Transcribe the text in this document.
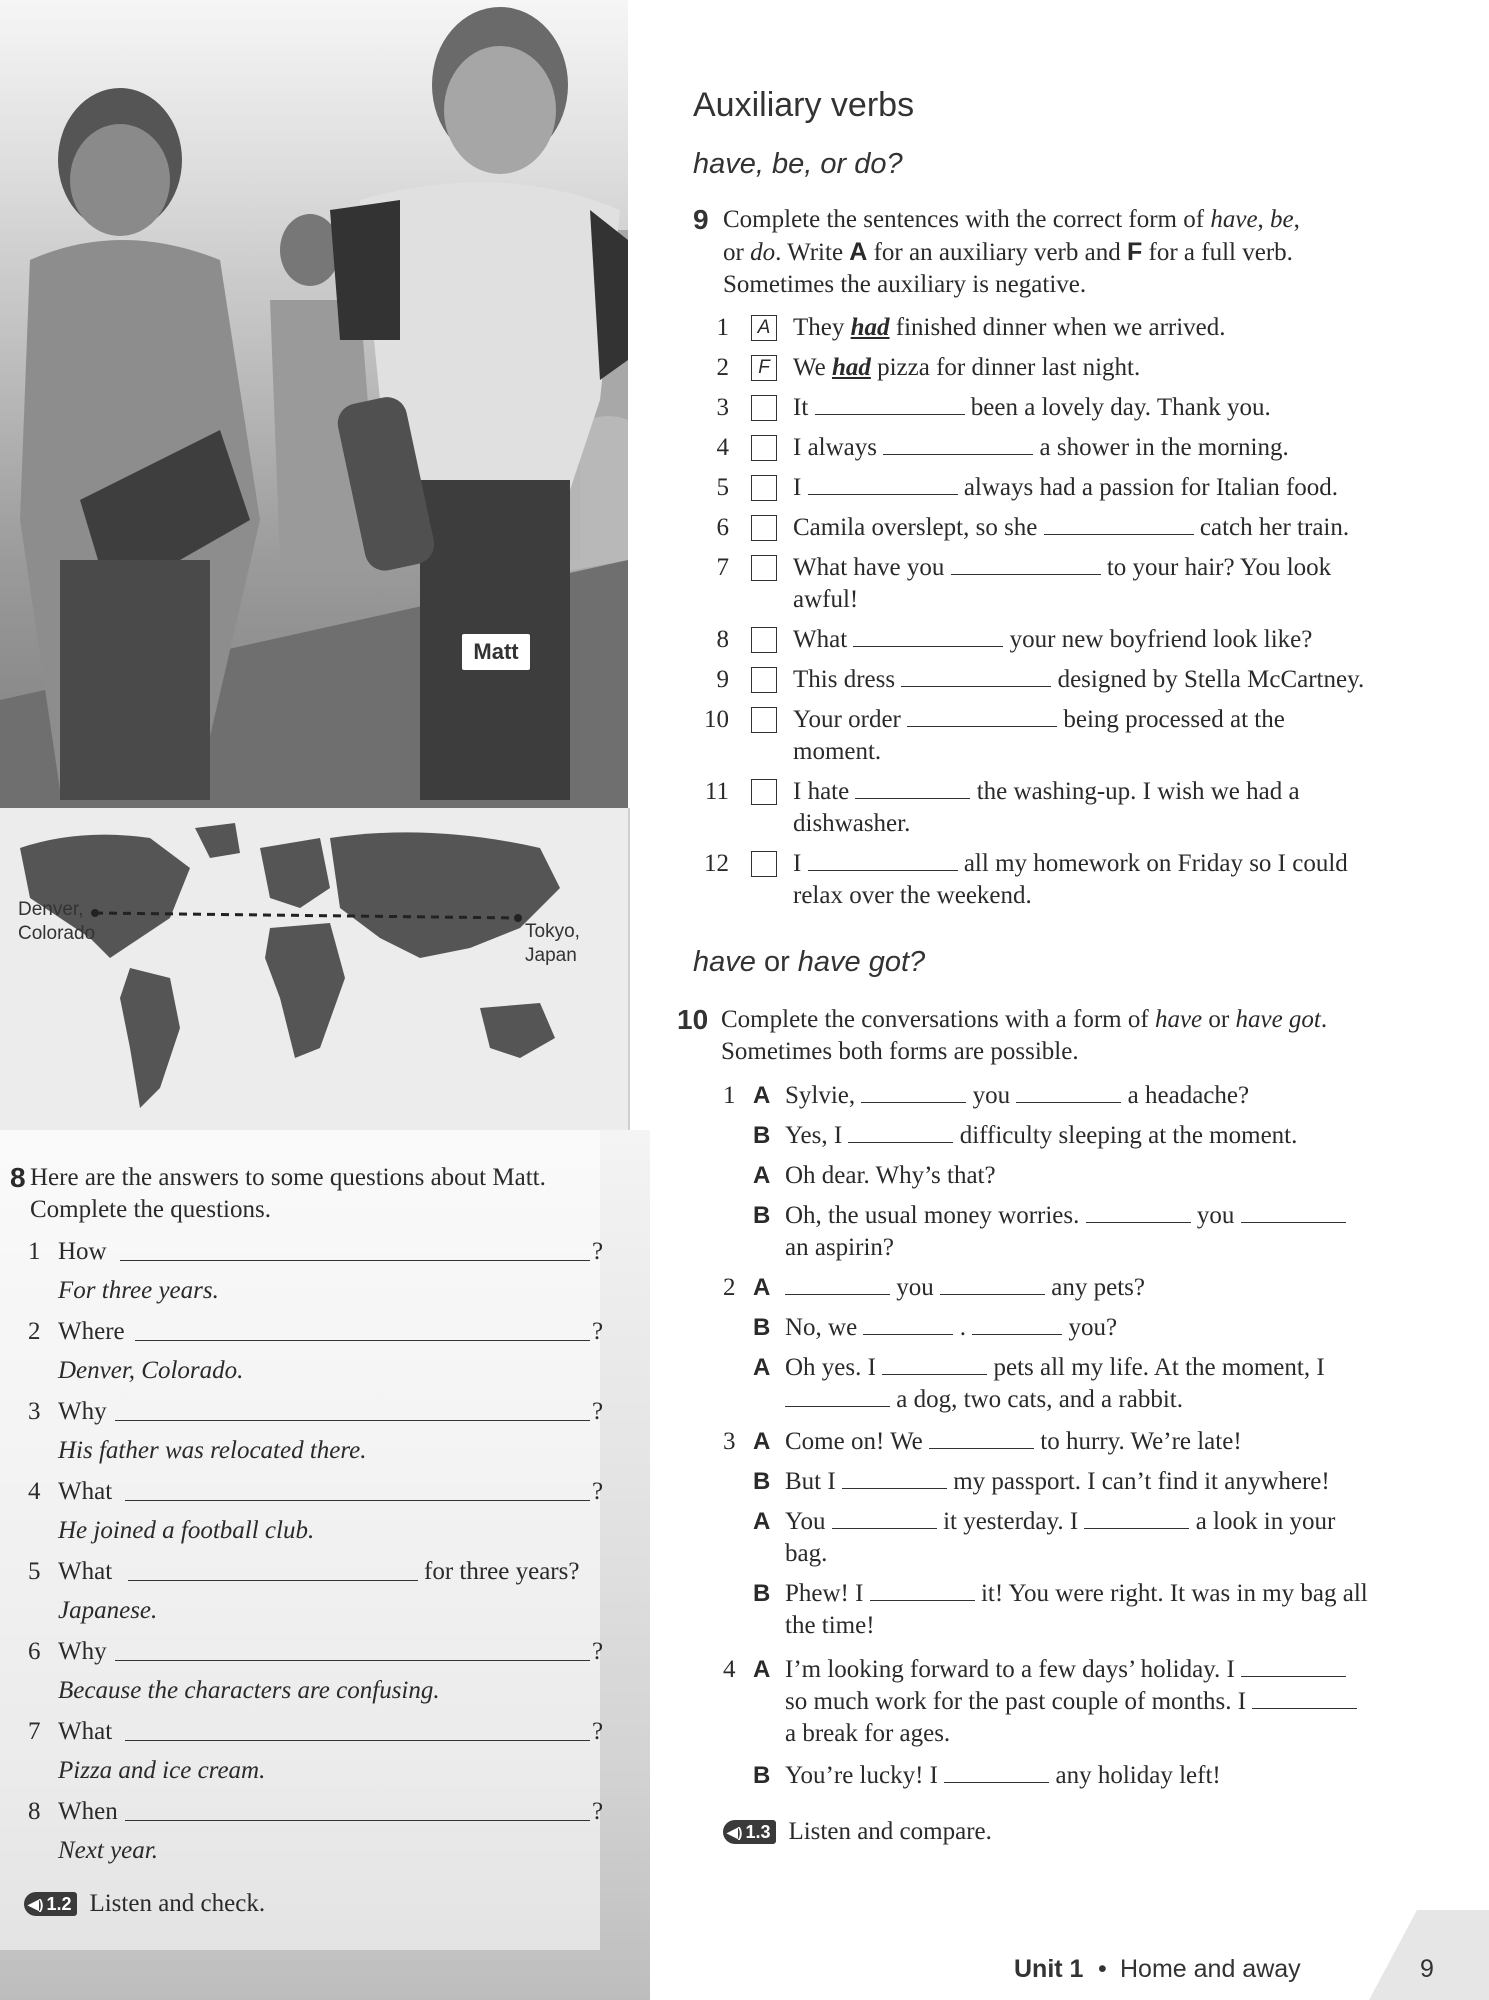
Matt
Denver,
Colorado	Tokyo,
Japan
8 Here are the answers to some questions about Matt. Complete the questions.
1 How	?
For three years.
2 Where	?
Denver, Colorado.
3 Why	?
His father was relocated there.
4 What	?
He joined a football club.
5 What	for three years?
Japanese.
6 Why	?
Because the characters are confusing.
7 What	?
Pizza and ice cream.
8 When	?
Next year.
◀) 1.2 Listen and check.
Auxiliary verbs
have, be, or do?
9 Complete the sentences with the correct form of have, be,
or do. Write A for an auxiliary verb and F for a full verb.
Sometimes the auxiliary is negative.
1	A They had finished dinner when we arrived.
2	F We had pizza for dinner last night.
3	It	been a lovely day. Thank you.
4	I always	a shower in the morning.
5	I	always had a passion for Italian food.
6	Camila overslept, so she	catch her train.
7	What have you	to your hair? You look
awful!
8	What	your new boyfriend look like?
9	This dress	designed by Stella McCartney.
10	Your order	being processed at the
moment.
11	I hate	the washing-up. I wish we had a
dishwasher.
12	I	all my homework on Friday so I could
relax over the weekend.
have or have got?
10 Complete the conversations with a form of have or have got.
Sometimes both forms are possible.
1 A Sylvie,	you	a headache?
B Yes, I	difficulty sleeping at the moment.
A Oh dear. Why’s that?
B Oh, the usual money worries.	you
an aspirin?
2 A	you	any pets?
B No, we	.	you?
A Oh yes. I	pets all my life. At the moment, I
a dog, two cats, and a rabbit.
3 A Come on! We	to hurry. We’re late!
B But I	my passport. I can’t find it anywhere!
A You	it yesterday. I	a look in your
bag.
B Phew! I	it! You were right. It was in my bag all
the time!
4 A I’m looking forward to a few days’ holiday. I
so much work for the past couple of months. I
a break for ages.
B You’re lucky! I	any holiday left!
◀) 1.3 Listen and compare.
Unit 1 • Home and away	9
